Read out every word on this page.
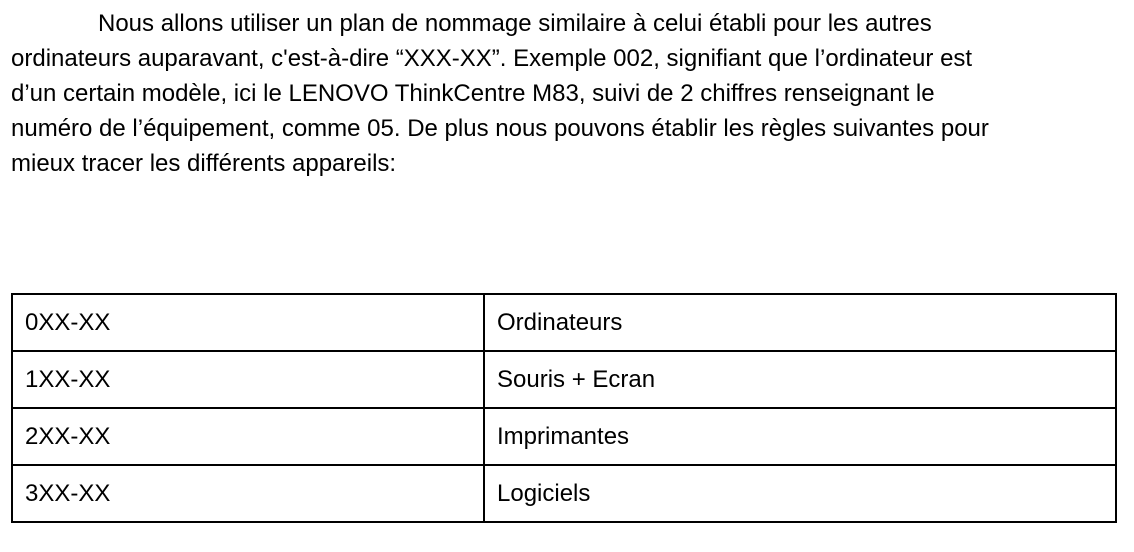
Nous allons utiliser un plan de nommage similaire à celui établi pour les autres
ordinateurs auparavant, c'est-à-dire “XXX-XX”. Exemple 002, signifiant que l’ordinateur est
d’un certain modèle, ici le LENOVO ThinkCentre M83, suivi de 2 chiffres renseignant le
numéro de l’équipement, comme 05. De plus nous pouvons établir les règles suivantes pour
mieux tracer les différents appareils:

0XX-XX	Ordinateurs
1XX-XX	Souris + Ecran
2XX-XX	Imprimantes
3XX-XX	Logiciels
